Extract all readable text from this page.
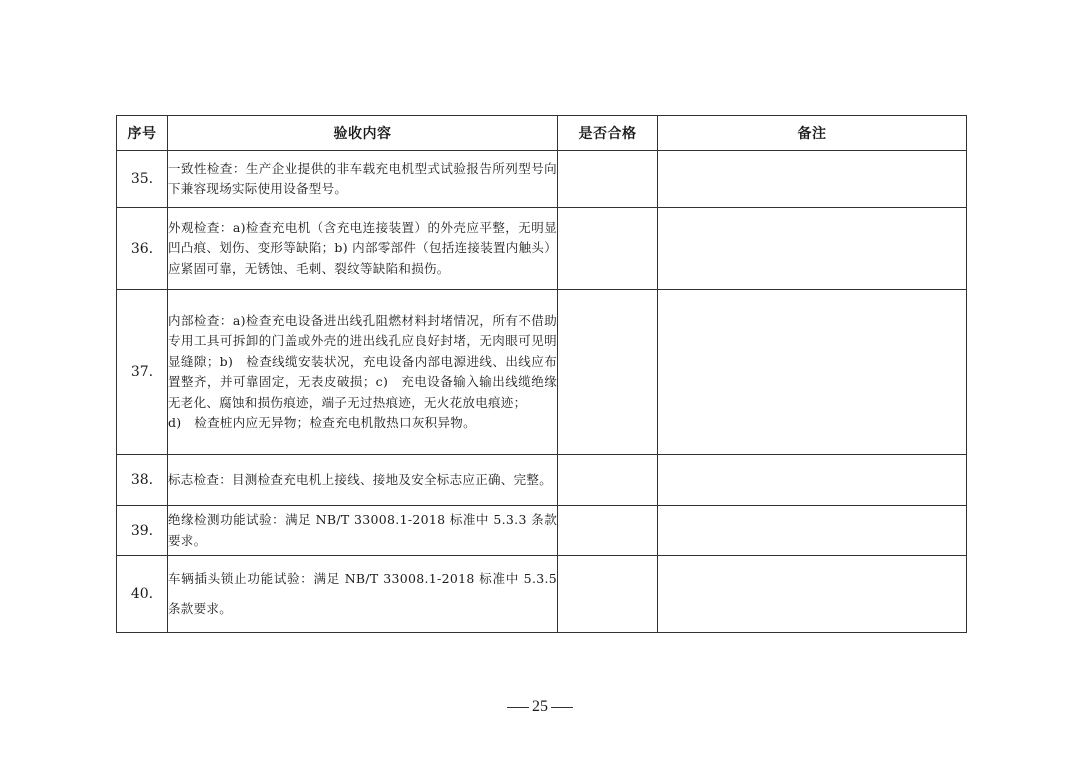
序号	验收内容	是否合格	备注
35.	一致性检查：生产企业提供的非车载充电机型式试验报告所列型号向下兼容现场实际使用设备型号。		
36.	外观检查：a)检查充电机（含充电连接装置）的外壳应平整，无明显凹凸痕、划伤、变形等缺陷；b) 内部零部件（包括连接装置内触头）应紧固可靠，无锈蚀、毛刺、裂纹等缺陷和损伤。		
37.	内部检查：a)检查充电设备进出线孔阻燃材料封堵情况，所有不借助专用工具可拆卸的门盖或外壳的进出线孔应良好封堵，无肉眼可见明显缝隙；b)　检查线缆安装状况，充电设备内部电源进线、出线应布置整齐，并可靠固定，无表皮破损；c)　充电设备输入输出线缆绝缘无老化、腐蚀和损伤痕迹，端子无过热痕迹，无火花放电痕迹；
d)　检查桩内应无异物；检查充电机散热口灰积异物。		

38.	标志检查：目测检查充电机上接线、接地及安全标志应正确、完整。		
39.	绝缘检测功能试验：满足 NB/T 33008.1-2018 标准中 5.3.3 条款要求。		
40.	车辆插头锁止功能试验：满足 NB/T 33008.1-2018 标准中 5.3.5 条款要求。		
25
